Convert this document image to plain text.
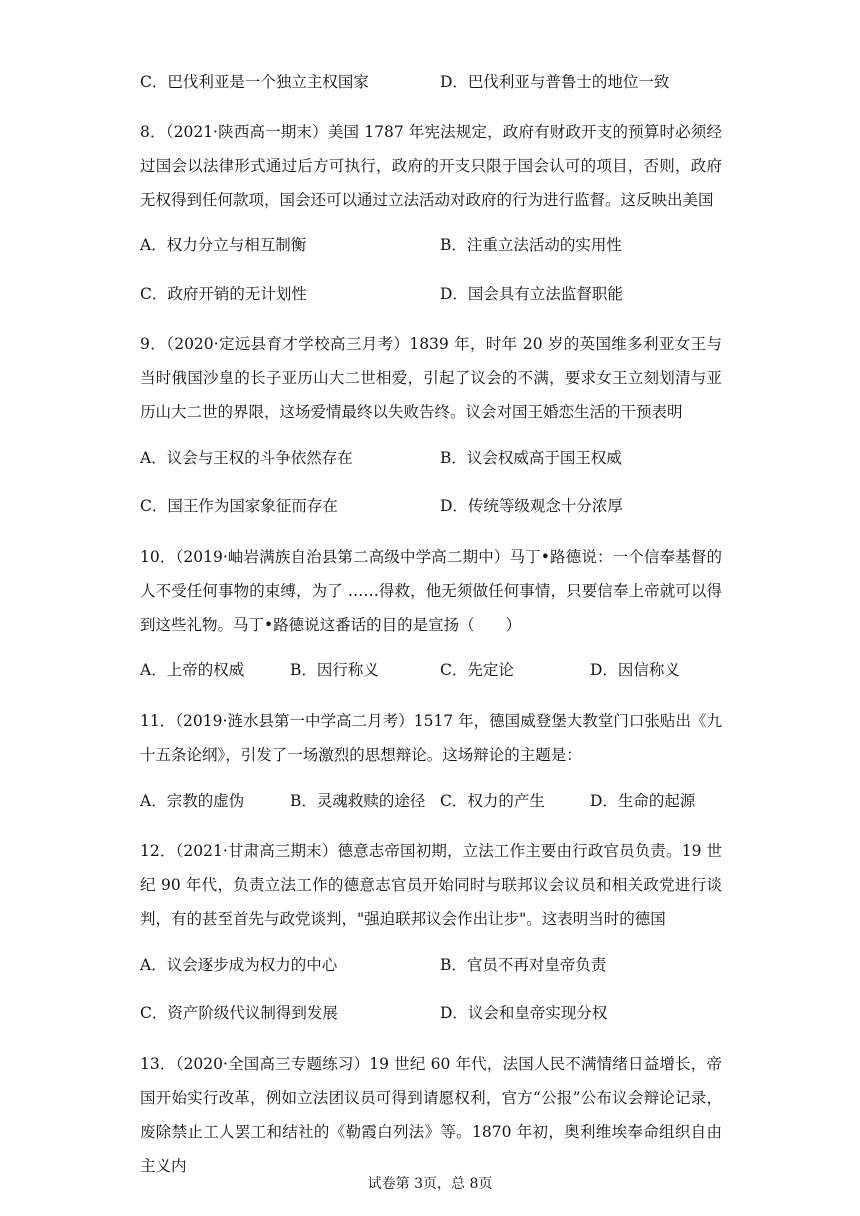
C．巴伐利亚是一个独立主权国家	D．巴伐利亚与普鲁士的地位一致
8．（2021·陕西高一期末）美国 1787 年宪法规定，政府有财政开支的预算时必须经过国会以法律形式通过后方可执行，政府的开支只限于国会认可的项目，否则，政府无权得到任何款项，国会还可以通过立法活动对政府的行为进行监督。这反映出美国
A．权力分立与相互制衡	B．注重立法活动的实用性
C．政府开销的无计划性	D．国会具有立法监督职能
9．（2020·定远县育才学校高三月考）1839 年，时年 20 岁的英国维多利亚女王与当时俄国沙皇的长子亚历山大二世相爱，引起了议会的不满，要求女王立刻划清与亚历山大二世的界限，这场爱情最终以失败告终。议会对国王婚恋生活的干预表明
A．议会与王权的斗争依然存在	B．议会权威高于国王权威
C．国王作为国家象征而存在	D．传统等级观念十分浓厚
10．（2019·岫岩满族自治县第二高级中学高二期中）马丁•路德说：一个信奉基督的人不受任何事物的束缚，为了 ……得救，他无须做任何事情，只要信奉上帝就可以得到这些礼物。马丁•路德说这番话的目的是宣扬（　　）
A．上帝的权威	B．因行称义	C．先定论	D．因信称义
11．（2019·涟水县第一中学高二月考）1517 年，德国威登堡大教堂门口张贴出《九十五条论纲》，引发了一场激烈的思想辩论。这场辩论的主题是：
A．宗教的虚伪	B．灵魂救赎的途径 C．权力的产生	D．生命的起源
12．（2021·甘肃高三期末）德意志帝国初期，立法工作主要由行政官员负责。19 世纪 90 年代，负责立法工作的德意志官员开始同时与联邦议会议员和相关政党进行谈判，有的甚至首先与政党谈判，"强迫联邦议会作出让步"。这表明当时的德国
A．议会逐步成为权力的中心	B．官员不再对皇帝负责
C．资产阶级代议制得到发展	D．议会和皇帝实现分权
13．（2020·全国高三专题练习）19 世纪 60 年代，法国人民不满情绪日益增长，帝国开始实行改革，例如立法团议员可得到请愿权利，官方“公报”公布议会辩论记录，废除禁止工人罢工和结社的《勒霞白列法》等。1870 年初，奥利维埃奉命组织自由主义内
试卷第 3页，总 8页
